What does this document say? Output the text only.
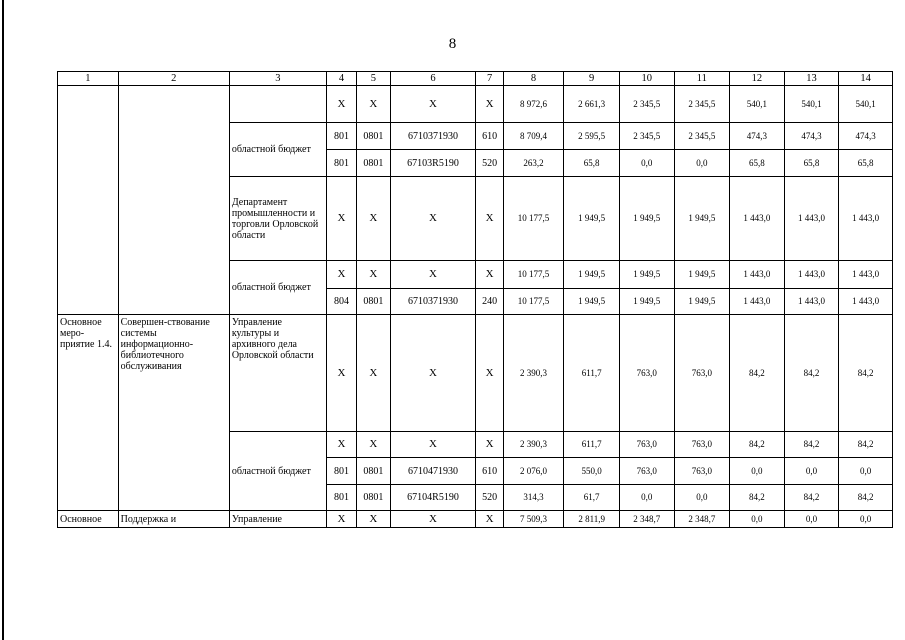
8
1	2	3	4	5	6	7	8	9	10	11	12	13	14
			X	X	X	X	8 972,6	2 661,3	2 345,5	2 345,5	540,1	540,1	540,1
		областной бюджет	801	0801	6710371930	610	8 709,4	2 595,5	2 345,5	2 345,5	474,3	474,3	474,3
			801	0801	67103R5190	520	263,2	65,8	0,0	0,0	65,8	65,8	65,8
		Департамент промышленности и торговли Орловской области	X	X	X	X	10 177,5	1 949,5	1 949,5	1 949,5	1 443,0	1 443,0	1 443,0
		областной бюджет	X	X	X	X	10 177,5	1 949,5	1 949,5	1 949,5	1 443,0	1 443,0	1 443,0
			804	0801	6710371930	240	10 177,5	1 949,5	1 949,5	1 949,5	1 443,0	1 443,0	1 443,0
Основное меро-приятие 1.4.	Совершен-ствование системы информационно-библиотечного обслуживания	Управление культуры и архивного дела Орловской области	X	X	X	X	2 390,3	611,7	763,0	763,0	84,2	84,2	84,2
		областной бюджет	X	X	X	X	2 390,3	611,7	763,0	763,0	84,2	84,2	84,2
			801	0801	6710471930	610	2 076,0	550,0	763,0	763,0	0,0	0,0	0,0
			801	0801	67104R5190	520	314,3	61,7	0,0	0,0	84,2	84,2	84,2
Основное	Поддержка и	Управление	X	X	X	X	7 509,3	2 811,9	2 348,7	2 348,7	0,0	0,0	0,0
